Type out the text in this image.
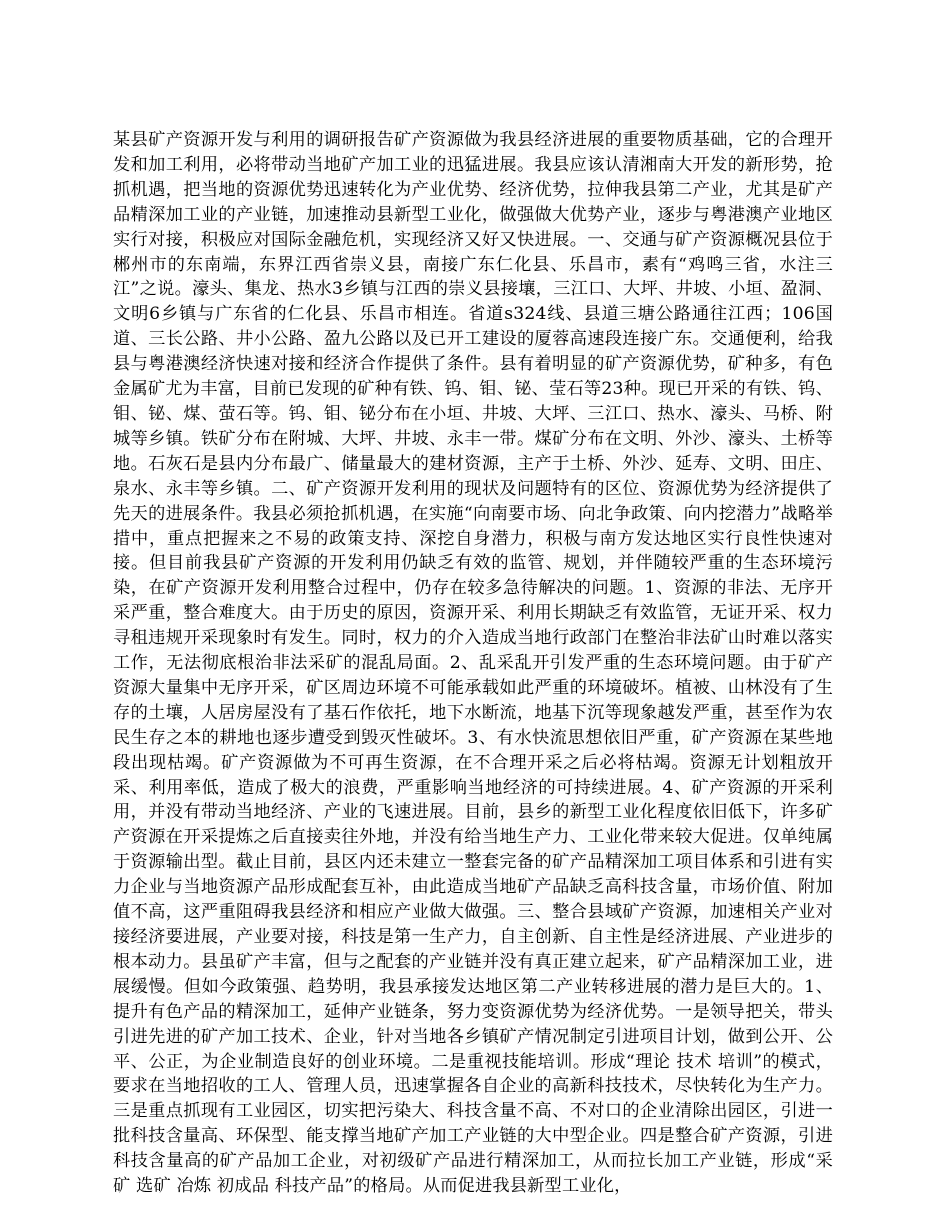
某县矿产资源开发与利用的调研报告矿产资源做为我县经济进展的重要物质基础，它的合理开发和加工利用，必将带动当地矿产加工业的迅猛进展。我县应该认清湘南大开发的新形势，抢抓机遇，把当地的资源优势迅速转化为产业优势、经济优势，拉伸我县第二产业，尤其是矿产品精深加工业的产业链，加速推动县新型工业化，做强做大优势产业，逐步与粤港澳产业地区实行对接，积极应对国际金融危机，实现经济又好又快进展。一、交通与矿产资源概况县位于郴州市的东南端，东界江西省崇义县，南接广东仁化县、乐昌市，素有“鸡鸣三省，水注三江”之说。濠头、集龙、热水3乡镇与江西的崇义县接壤，三江口、大坪、井坡、小垣、盈洞、文明6乡镇与广东省的仁化县、乐昌市相连。省道s324线、县道三塘公路通往江西；106国道、三长公路、井小公路、盈九公路以及已开工建设的厦蓉高速段连接广东。交通便利，给我县与粤港澳经济快速对接和经济合作提供了条件。县有着明显的矿产资源优势，矿种多，有色金属矿尤为丰富，目前已发现的矿种有铁、钨、钼、铋、莹石等23种。现已开采的有铁、钨、钼、铋、煤、萤石等。钨、钼、铋分布在小垣、井坡、大坪、三江口、热水、濠头、马桥、附城等乡镇。铁矿分布在附城、大坪、井坡、永丰一带。煤矿分布在文明、外沙、濠头、土桥等地。石灰石是县内分布最广、储量最大的建材资源，主产于土桥、外沙、延寿、文明、田庄、泉水、永丰等乡镇。二、矿产资源开发利用的现状及问题特有的区位、资源优势为经济提供了先天的进展条件。我县必须抢抓机遇，在实施“向南要市场、向北争政策、向内挖潜力”战略举措中，重点把握来之不易的政策支持、深挖自身潜力，积极与南方发达地区实行良性快速对接。但目前我县矿产资源的开发利用仍缺乏有效的监管、规划，并伴随较严重的生态环境污染，在矿产资源开发利用整合过程中，仍存在较多急待解决的问题。1、资源的非法、无序开采严重，整合难度大。由于历史的原因，资源开采、利用长期缺乏有效监管，无证开采、权力寻租违规开采现象时有发生。同时，权力的介入造成当地行政部门在整治非法矿山时难以落实工作，无法彻底根治非法采矿的混乱局面。2、乱采乱开引发严重的生态环境问题。由于矿产资源大量集中无序开采，矿区周边环境不可能承载如此严重的环境破坏。植被、山林没有了生存的土壤，人居房屋没有了基石作依托，地下水断流，地基下沉等现象越发严重，甚至作为农民生存之本的耕地也逐步遭受到毁灭性破坏。3、有水快流思想依旧严重，矿产资源在某些地段出现枯竭。矿产资源做为不可再生资源，在不合理开采之后必将枯竭。资源无计划粗放开采、利用率低，造成了极大的浪费，严重影响当地经济的可持续进展。4、矿产资源的开采利用，并没有带动当地经济、产业的飞速进展。目前，县乡的新型工业化程度依旧低下，许多矿产资源在开采提炼之后直接卖往外地，并没有给当地生产力、工业化带来较大促进。仅单纯属于资源输出型。截止目前，县区内还未建立一整套完备的矿产品精深加工项目体系和引进有实力企业与当地资源产品形成配套互补，由此造成当地矿产品缺乏高科技含量，市场价值、附加值不高，这严重阻碍我县经济和相应产业做大做强。三、整合县域矿产资源，加速相关产业对接经济要进展，产业要对接，科技是第一生产力，自主创新、自主性是经济进展、产业进步的根本动力。县虽矿产丰富，但与之配套的产业链并没有真正建立起来，矿产品精深加工业，进展缓慢。但如今政策强、趋势明，我县承接发达地区第二产业转移进展的潜力是巨大的。1、提升有色产品的精深加工，延伸产业链条，努力变资源优势为经济优势。一是领导把关，带头引进先进的矿产加工技术、企业，针对当地各乡镇矿产情况制定引进项目计划，做到公开、公平、公正，为企业制造良好的创业环境。二是重视技能培训。形成“理论 技术 培训”的模式，要求在当地招收的工人、管理人员，迅速掌握各自企业的高新科技技术，尽快转化为生产力。三是重点抓现有工业园区，切实把污染大、科技含量不高、不对口的企业清除出园区，引进一批科技含量高、环保型、能支撑当地矿产加工产业链的大中型企业。四是整合矿产资源，引进科技含量高的矿产品加工企业，对初级矿产品进行精深加工，从而拉长加工产业链，形成“采矿 选矿 冶炼 初成品 科技产品”的格局。从而促进我县新型工业化，
